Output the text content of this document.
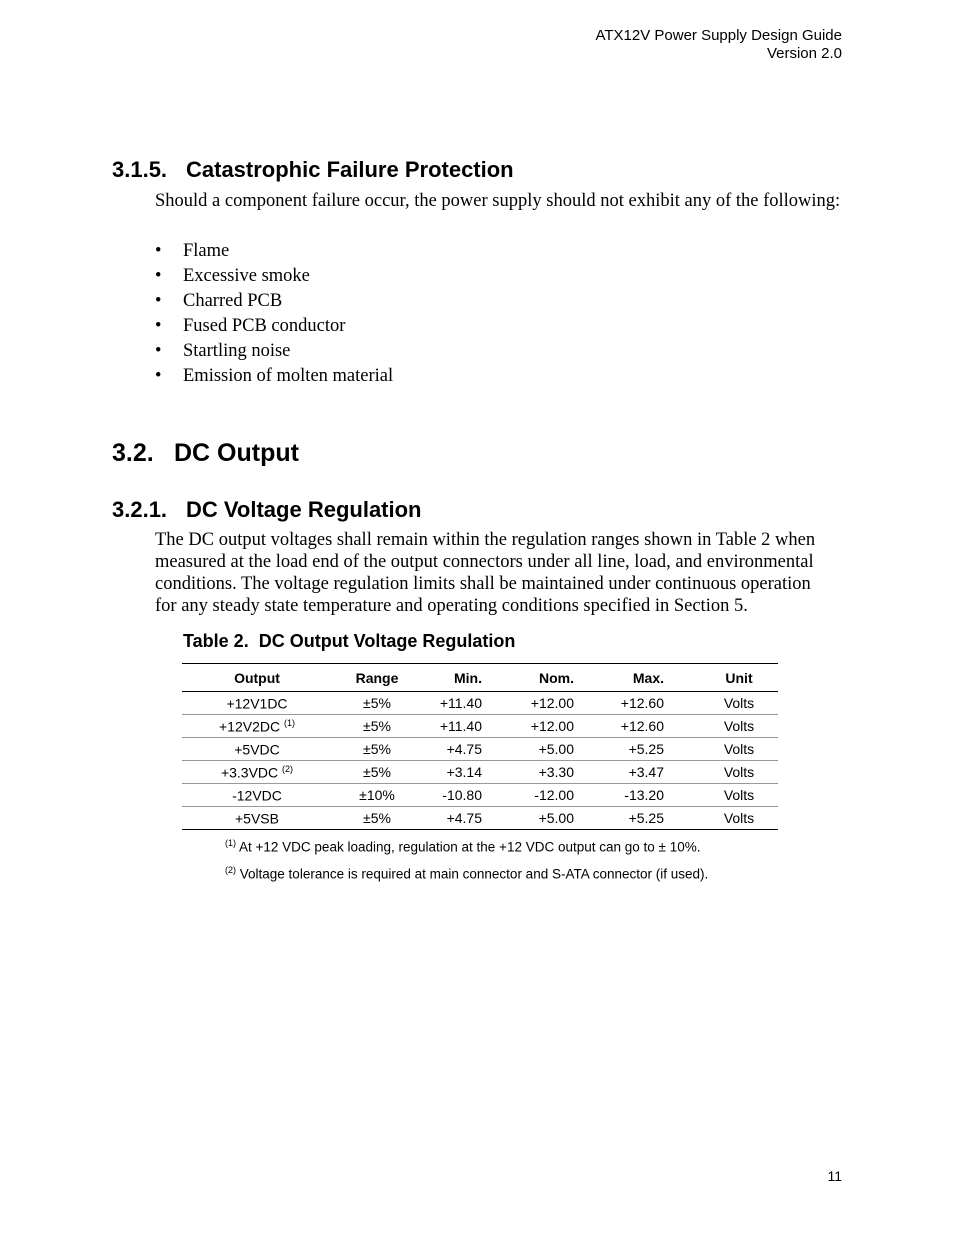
ATX12V Power Supply Design Guide
Version 2.0
3.1.5. Catastrophic Failure Protection

Should a component failure occur, the power supply should not exhibit any of the following:

•	Flame
•	Excessive smoke
•	Charred PCB
•	Fused PCB conductor
•	Startling noise
•	Emission of molten material
3.2. DC Output
3.2.1. DC Voltage Regulation

The DC output voltages shall remain within the regulation ranges shown in Table 2 when measured at the load end of the output connectors under all line, load, and environmental conditions. The voltage regulation limits shall be maintained under continuous operation for any steady state temperature and operating conditions specified in Section 5.

Table 2. DC Output Voltage Regulation
Output	Range	Min.	Nom.	Max.	Unit
+12V1DC	±5%	+11.40	+12.00	+12.60	Volts
+12V2DC $^{(1)}$	±5%	+11.40	+12.00	+12.60	Volts
+5VDC	±5%	+4.75	+5.00	+5.25	Volts
+3.3VDC $^{(2)}$	±5%	+3.14	+3.30	+3.47	Volts
-12VDC	±10%	-10.80	-12.00	-13.20	Volts
+5VSB	±5%	+4.75	+5.00	+5.25	Volts
$^{(1)}$ At +12 VDC peak loading, regulation at the +12 VDC output can go to ± 10%.
$^{(2)}$ Voltage tolerance is required at main connector and S-ATA connector (if used).
11
